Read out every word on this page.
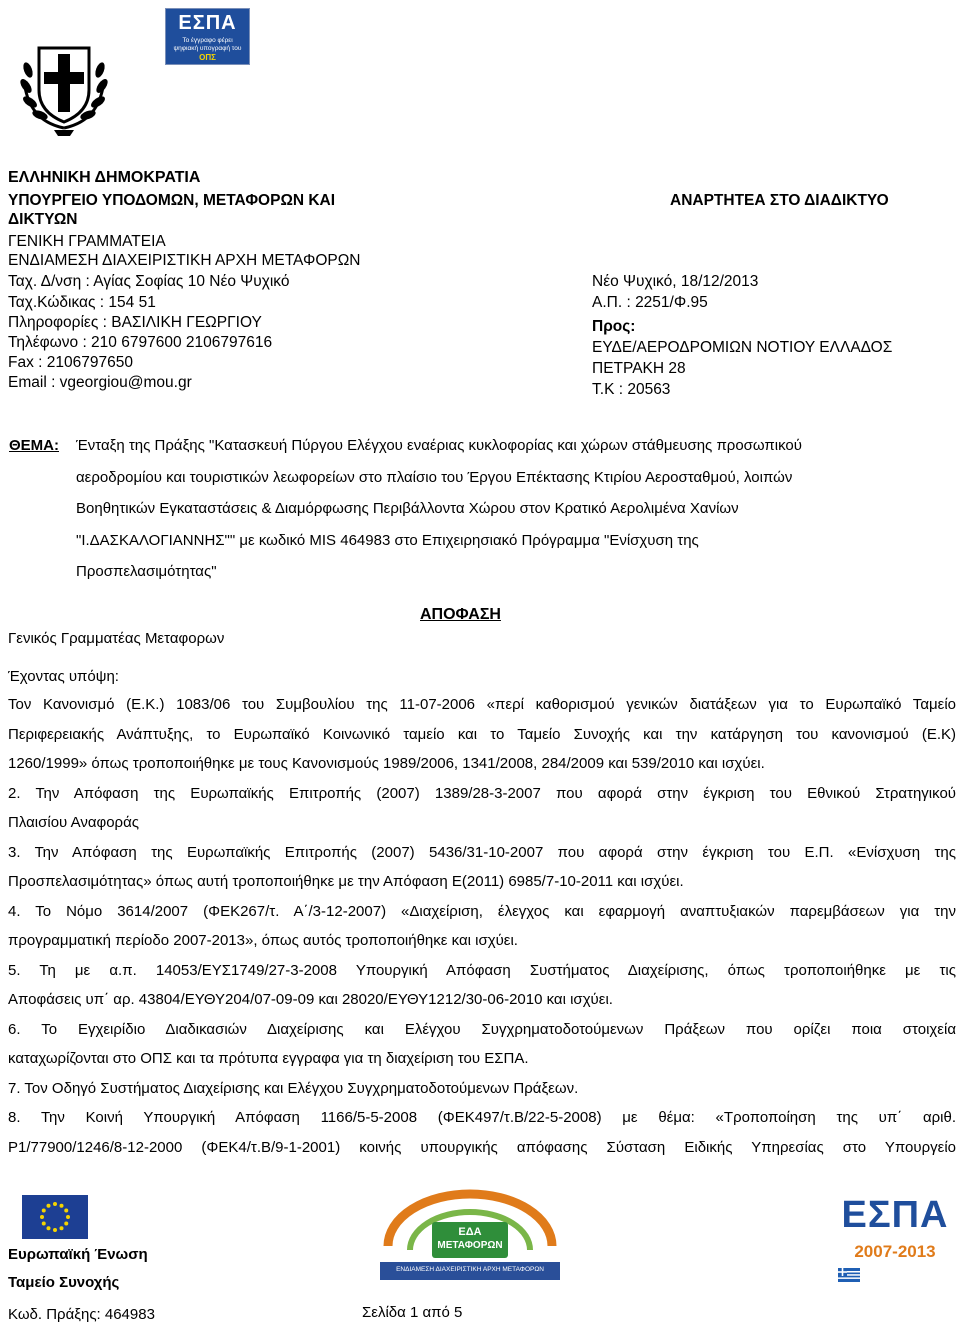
ΕΣΠΑ
Το έγγραφο φέρει
ψηφιακή υπογραφή του
ΟΠΣ
ΕΛΛΗΝΙΚΗ ΔΗΜΟΚΡΑΤΙΑ
ΥΠΟΥΡΓΕΙΟ ΥΠΟΔΟΜΩΝ, ΜΕΤΑΦΟΡΩΝ ΚΑΙ
ΔΙΚΤΥΩΝ
ΓΕΝΙΚΗ ΓΡΑΜΜΑΤΕΙΑ
ΕΝΔΙΑΜΕΣΗ ΔΙΑΧΕΙΡΙΣΤΙΚΗ ΑΡΧΗ ΜΕΤΑΦΟΡΩΝ
Ταχ. Δ/νση : Αγίας Σοφίας 10 Νέο Ψυχικό
Ταχ.Κώδικας : 154 51
Πληροφορίες : ΒΑΣΙΛΙΚΗ ΓΕΩΡΓΙΟΥ
Τηλέφωνο : 210 6797600 2106797616
Fax : 2106797650
Email : vgeorgiou@mou.gr
ΑΝΑΡΤΗΤΕΑ ΣΤΟ ΔΙΑΔΙΚΤΥΟ
Νέο Ψυχικό, 18/12/2013
Α.Π. : 2251/Φ.95
Προς:
ΕΥΔΕ/ΑΕΡΟΔΡΟΜΙΩΝ ΝΟΤΙΟΥ ΕΛΛΑΔΟΣ
ΠΕΤΡΑΚΗ 28
Τ.Κ : 20563
ΘΕΜΑ: Ένταξη της Πράξης "Κατασκευή Πύργου Ελέγχου εναέριας κυκλοφορίας και χώρων στάθμευσης προσωπικού
αεροδρομίου και τουριστικών λεωφορείων στο πλαίσιο του Έργου Επέκτασης Κτιρίου Αεροσταθμού, λοιπών
Βοηθητικών Εγκαταστάσεις & Διαμόρφωσης Περιβάλλοντα Χώρου στον Κρατικό Αερολιμένα Χανίων
"Ι.ΔΑΣΚΑΛΟΓΙΑΝΝΗΣ"" με κωδικό MIS 464983 στο Επιχειρησιακό Πρόγραμμα "Ενίσχυση της
Προσπελασιμότητας"
ΑΠΟΦΑΣΗ
Γενικός Γραμματέας Μεταφορων
Έχοντας υπόψη:
Τον Κανονισμό (Ε.Κ.) 1083/06 του Συμβουλίου της 11-07-2006 «περί καθορισμού γενικών διατάξεων για το Ευρωπαϊκό Ταμείο
Περιφερειακής Ανάπτυξης, το Ευρωπαϊκό Κοινωνικό ταμείο και το Ταμείο Συνοχής και την κατάργηση του κανονισμού (Ε.Κ)
1260/1999» όπως τροποποιήθηκε με τους Κανονισμούς 1989/2006, 1341/2008, 284/2009 και 539/2010 και ισχύει.
2. Την Απόφαση της Ευρωπαϊκής Επιτροπής (2007) 1389/28-3-2007 που αφορά στην έγκριση του Εθνικού Στρατηγικού
Πλαισίου Αναφοράς
3. Την Απόφαση της Ευρωπαϊκής Επιτροπής (2007) 5436/31-10-2007 που αφορά στην έγκριση του Ε.Π. «Ενίσχυση της
Προσπελασιμότητας» όπως αυτή τροποποιήθηκε με την Απόφαση Ε(2011) 6985/7-10-2011 και ισχύει.
4. Το Νόμο 3614/2007 (ΦΕΚ267/τ. Α΄/3-12-2007) «Διαχείριση, έλεγχος και εφαρμογή αναπτυξιακών παρεμβάσεων για την
προγραμματική περίοδο 2007-2013», όπως αυτός τροποποιήθηκε και ισχύει.
5. Τη με α.π. 14053/ΕΥΣ1749/27-3-2008 Υπουργική Απόφαση Συστήματος Διαχείρισης, όπως τροποποιήθηκε με τις
Αποφάσεις υπ΄ αρ. 43804/ΕΥΘΥ204/07-09-09 και 28020/ΕΥΘΥ1212/30-06-2010 και ισχύει.
6. Το Εγχειρίδιο Διαδικασιών Διαχείρισης και Ελέγχου Συγχρηματοδοτούμενων Πράξεων που ορίζει ποια στοιχεία
καταχωρίζονται στο ΟΠΣ και τα πρότυπα εγγραφα για τη διαχείριση του ΕΣΠΑ.
7. Τον Οδηγό Συστήματος Διαχείρισης και Ελέγχου Συγχρηματοδοτούμενων Πράξεων.
8. Την Κοινή Υπουργική Απόφαση 1166/5-5-2008 (ΦΕΚ497/τ.Β/22-5-2008) με θέμα: «Τροποποίηση της υπ΄ αριθ.
Ρ1/77900/1246/8-12-2000 (ΦΕΚ4/τ.Β/9-1-2001) κοινής υπουργικής απόφασης Σύσταση Ειδικής Υπηρεσίας στο Υπουργείο
Ευρωπαϊκή Ένωση
Ταμείο Συνοχής
ΕΔΑ
ΜΕΤΑΦΟΡΩΝ
ΕΝΔΙΑΜΕΣΗ ΔΙΑΧΕΙΡΙΣΤΙΚΗ ΑΡΧΗ ΜΕΤΑΦΟΡΩΝ
ΕΣΠΑ
2007-2013
Κωδ. Πράξης: 464983	Σελίδα 1 από 5
